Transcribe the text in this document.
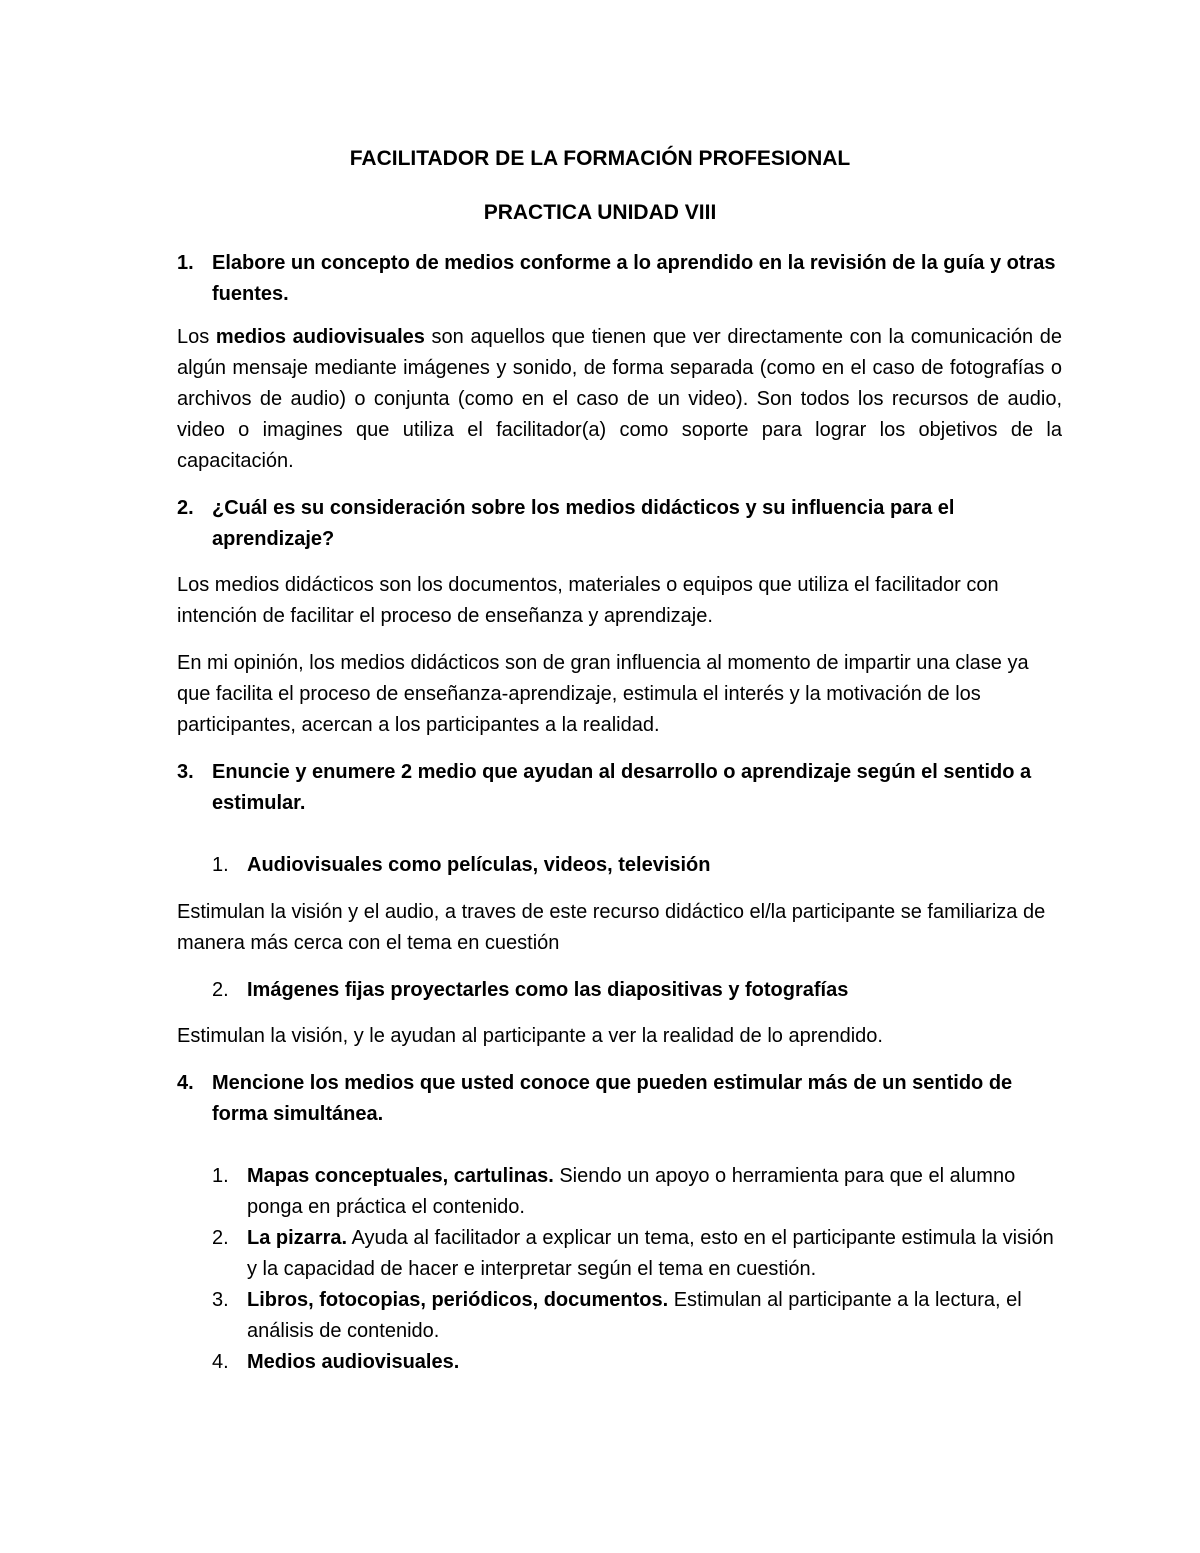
FACILITADOR DE LA FORMACIÓN PROFESIONAL
PRACTICA UNIDAD VIII
1. Elabore un concepto de medios conforme a lo aprendido en la revisión de la guía y otras fuentes.

Los medios audiovisuales son aquellos que tienen que ver directamente con la comunicación de algún mensaje mediante imágenes y sonido, de forma separada (como en el caso de fotografías o archivos de audio) o conjunta (como en el caso de un video). Son todos los recursos de audio, video o imagines que utiliza el facilitador(a) como soporte para lograr los objetivos de la capacitación.

2. ¿Cuál es su consideración sobre los medios didácticos y su influencia para el aprendizaje?

Los medios didácticos son los documentos, materiales o equipos que utiliza el facilitador con intención de facilitar el proceso de enseñanza y aprendizaje.

En mi opinión, los medios didácticos son de gran influencia al momento de impartir una clase ya que facilita el proceso de enseñanza-aprendizaje, estimula el interés y la motivación de los participantes, acercan a los participantes a la realidad.

3. Enuncie y enumere 2 medio que ayudan al desarrollo o aprendizaje según el sentido a estimular.
1. Audiovisuales como películas, videos, televisión

Estimulan la visión y el audio, a traves de este recurso didáctico el/la participante se familiariza de manera más cerca con el tema en cuestión

2. Imágenes fijas proyectarles como las diapositivas y fotografías

Estimulan la visión, y le ayudan al participante a ver la realidad de lo aprendido.

4. Mencione los medios que usted conoce que pueden estimular más de un sentido de forma simultánea.
1. Mapas conceptuales, cartulinas. Siendo un apoyo o herramienta para que el alumno ponga en práctica el contenido.
2. La pizarra. Ayuda al facilitador a explicar un tema, esto en el participante estimula la visión y la capacidad de hacer e interpretar según el tema en cuestión.
3. Libros, fotocopias, periódicos, documentos. Estimulan al participante a la lectura, el análisis de contenido.
4. Medios audiovisuales.
